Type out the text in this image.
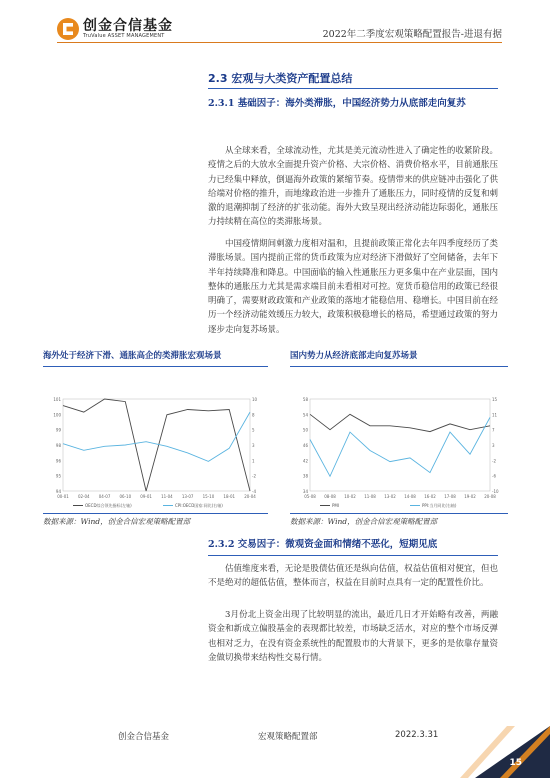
创金合信基金
TruValue ASSET MANAGEMENT	2022年二季度宏观策略配置报告-进退有据
2.3 宏观与大类资产配置总结
2.3.1 基础因子：海外类滞胀，中国经济势力从底部走向复苏

从全球来看，全球流动性，尤其是美元流动性进入了确定性的收紧阶段。疫情之后的大放水全面提升资产价格、大宗价格、消费价格水平，目前通胀压力已经集中释放，倒逼海外政策的紧缩节奏。疫情带来的供应链冲击强化了供给端对价格的推升，而地缘政治进一步推升了通胀压力，同时疫情的反复和刺激的退潮抑制了经济的扩张动能。海外大致呈现出经济动能边际弱化，通胀压力持续精在高位的类滞胀场景。

中国疫情期间刺激力度相对温和，且提前政策正常化去年四季度经历了类滞胀场景。国内提前正常的货币政策为应对经济下滑做好了空间储备，去年下半年持续降准和降息。中国面临的输入性通胀压力更多集中在产业层面，国内整体的通胀压力尤其是需求端目前未看相对可控。宽货币稳信用的政策已经很明确了，需要财政政策和产业政策的落地才能稳信用、稳增长。中国目前在经历一个经济动能效缓压力较大，政策积极稳增长的格局，希望通过政策的努力逐步走向复苏场景。

海外处于经济下滑、通胀高企的类滞胀宏观场景	国内势力从经济底部走向复苏场景
94	-4
95	-2
96	1
98	3
99	5
100	8
101	10
00-01 02-04 04-07 06-10 09-01 11-04 13-07 15-10 18-01 20-04
OECD综合领先指标(左轴)	CPI:OECD国家:同比(右轴)
34	-10
38	-6
42	-2
46	3
50	7
54	11
58	15
05-08 08-08 10-02 11-08 13-02 14-08 16-02 17-08 19-02 20-08
PMI	PPI:当月同比(右轴)
数据来源：Wind，创金合信宏观策略配置部	数据来源：Wind，创金合信宏观策略配置部
2.3.2 交易因子：微观资金面和情绪不恶化，短期见底

估值维度来看，无论是股债估值还是纵向估值，权益估值相对便宜，但也不是绝对的超低估值，整体而言，权益在目前时点具有一定的配置性价比。

3月份北上资金出现了比较明显的流出，最近几日才开始略有改善，两融资金和新成立偏股基金的表现都比较差，市场缺乏活水，对应的整个市场反弹也相对乏力，在没有资金系统性的配置股市的大背景下，更多的是依靠存量资金做切换带来结构性交易行情。

创金合信基金	宏观策略配置部	2022.3.31
15
